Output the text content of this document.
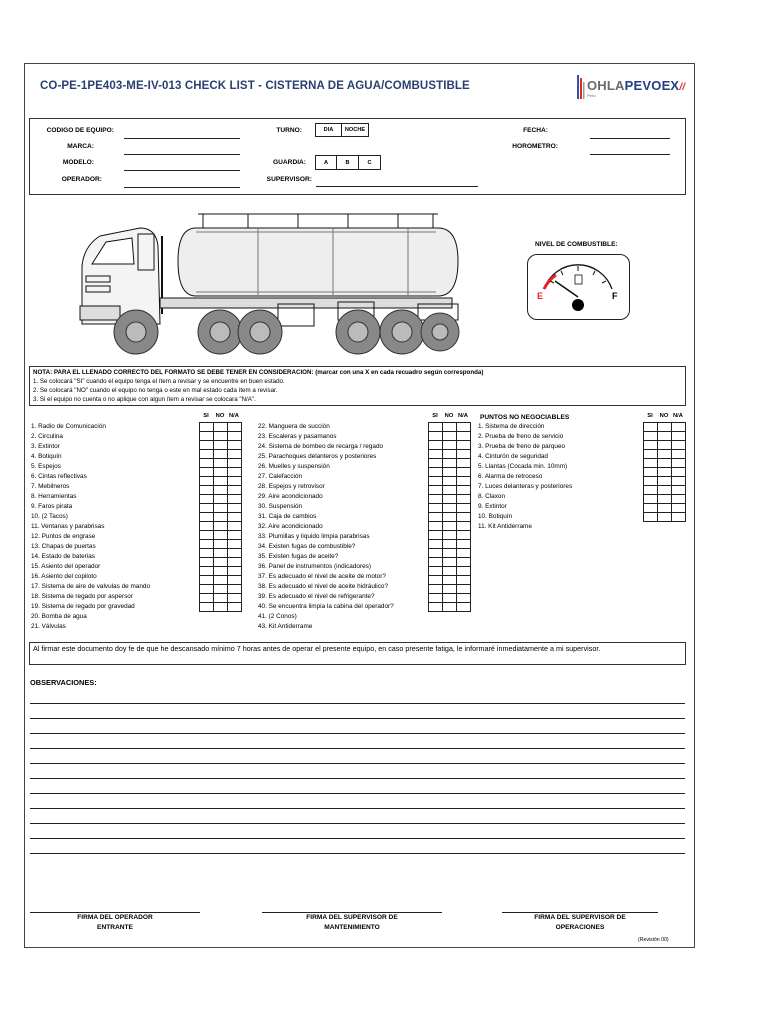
CO-PE-1PE403-ME-IV-013 CHECK LIST - CISTERNA DE AGUA/COMBUSTIBLE	OHLAPEVOEX//
Perú
CODIGO DE EQUIPO:
MARCA:
MODELO:
OPERADOR:
TURNO:	DIA	NOCHE
GUARDIA:	A	B	C
SUPERVISOR:
FECHA:
HOROMETRO:
NIVEL DE COMBUSTIBLE:
E	F
NOTA: PARA EL LLENADO CORRECTO DEL FORMATO SE DEBE TENER EN CONSIDERACION: (marcar con una X en cada recuadro según corresponda)
1. Se colocará "SI" cuando el equipo tenga el ítem a revisar y se encuentre en buen estado.
2. Se colocará "NO" cuando el equipo no tenga o este en mal estado cada ítem a revisar.
3. Si el equipo no cuenta o no aplique con algun ítem a revisar se colocara "N/A".
SI	NO N/A	SI	NO N/A	SI	NO N/A
PUNTOS NO NEGOCIABLES
1. Radio de Comunicación
2. Circulina
3. Extintor
4. Botiquín
5. Espejos
6. Cintas reflectivas
7. Mebilneros
8. Herramientas
9. Faros pirata
10. (2 Tacos)
11. Ventanas y parabrisas
12. Puntos de engrase
13. Chapas de puertas
14. Estado de baterias
15. Asiento del operador
16. Asiento del copiloto
17. Sistema de aire de valvulas de mando
18. Sistema de regado por aspersor
19. Sistema de regado por gravedad
20. Bomba de agua
21. Válvulas

22. Manguera de succión
23. Escaleras y pasamanos
24. Sistema de bombeo de recarga / regado
25. Parachoques delanteros y posteriores
26. Muelles y suspensión
27. Calefacción
28. Espejos y retrovisor
29. Aire acondicionado
30. Suspensión
31. Caja de cambios
32. Aire acondicionado
33. Plumillas y liquido limpia parabrisas
34. Existen fugas de combustible?
35. Existen fugas de aceite?
36. Panel de instrumentos (indicadores)
37. Es adecuado el nivel de aceite de motor?
38. Es adecuado el nivel de aceite hidráulico?
39. Es adecuado el nivel de refrigerante?
40. Se encuentra limpia la cabina del operador?
41. (2 Conos)
43. Kit Antiderrame

1. Sistema de dirección
2. Prueba de freno de servicio
3. Prueba de freno de parqueo
4. Cinturón de seguridad
5. Llantas (Cocada min. 10mm)
6. Alarma de retroceso
7. Luces delanteras y posteriores
8. Claxon
9. Extintor
10. Botiquín
11. Kit Antiderrame

Al firmar este documento doy fe de que he descansado mínimo 7 horas antes de operar el presente equipo, en caso presente fatiga, le informaré inmediatamente a mi supervisor.
OBSERVACIONES:
FIRMA DEL OPERADOR
ENTRANTE
FIRMA DEL SUPERVISOR DE
MANTENIMIENTO
FIRMA DEL SUPERVISOR DE
OPERACIONES
(Revisión 00)
